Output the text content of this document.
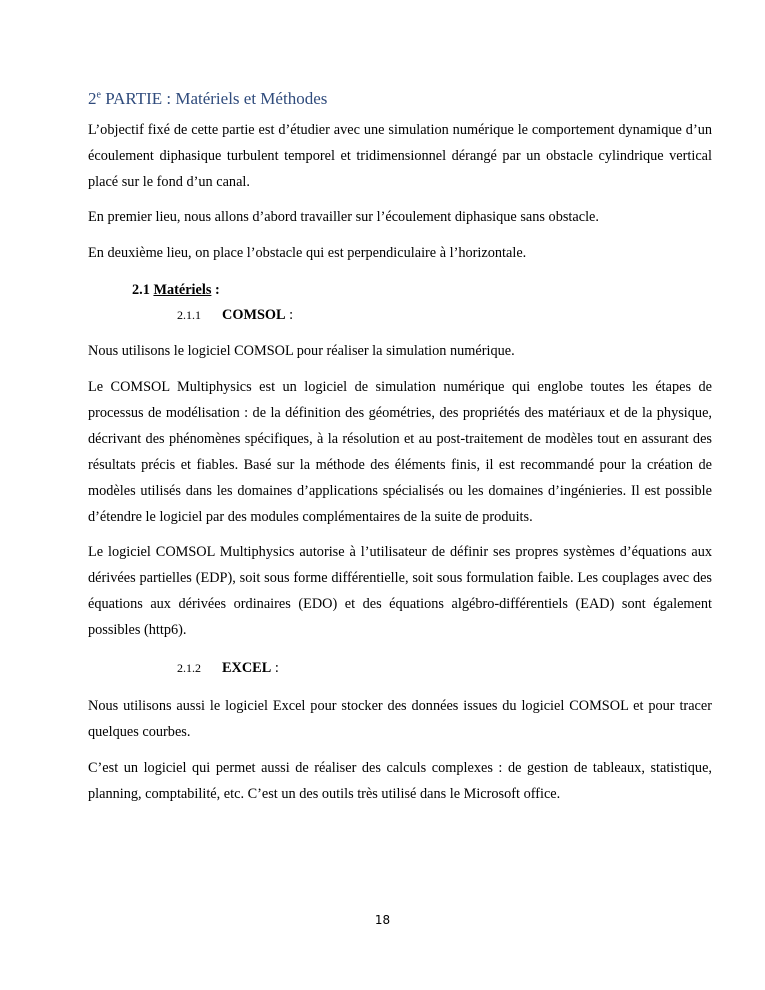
2e PARTIE : Matériels et Méthodes

L’objectif fixé de cette partie est d’étudier avec une simulation numérique le comportement dynamique d’un écoulement diphasique turbulent temporel et tridimensionnel dérangé par un obstacle cylindrique vertical placé sur le fond d’un canal.

En premier lieu, nous allons d’abord travailler sur l’écoulement diphasique sans obstacle.

En deuxième lieu, on place l’obstacle qui est perpendiculaire à l’horizontale.

2.1 Matériels :
2.1.1 COMSOL :

Nous utilisons le logiciel COMSOL pour réaliser la simulation numérique.

Le COMSOL Multiphysics est un logiciel de simulation numérique qui englobe toutes les étapes de processus de modélisation : de la définition des géométries, des propriétés des matériaux et de la physique, décrivant des phénomènes spécifiques, à la résolution et au post-traitement de modèles tout en assurant des résultats précis et fiables. Basé sur la méthode des éléments finis, il est recommandé pour la création de modèles utilisés dans les domaines d’applications spécialisés ou les domaines d’ingénieries. Il est possible d’étendre le logiciel par des modules complémentaires de la suite de produits.

Le logiciel COMSOL Multiphysics autorise à l’utilisateur de définir ses propres systèmes d’équations aux dérivées partielles (EDP), soit sous forme différentielle, soit sous formulation faible. Les couplages avec des équations aux dérivées ordinaires (EDO) et des équations algébro-différentiels (EAD) sont également possibles (http6).

2.1.2 EXCEL :

Nous utilisons aussi le logiciel Excel pour stocker des données issues du logiciel COMSOL et pour tracer quelques courbes.

C’est un logiciel qui permet aussi de réaliser des calculs complexes : de gestion de tableaux, statistique, planning, comptabilité, etc. C’est un des outils très utilisé dans le Microsoft office.

18
